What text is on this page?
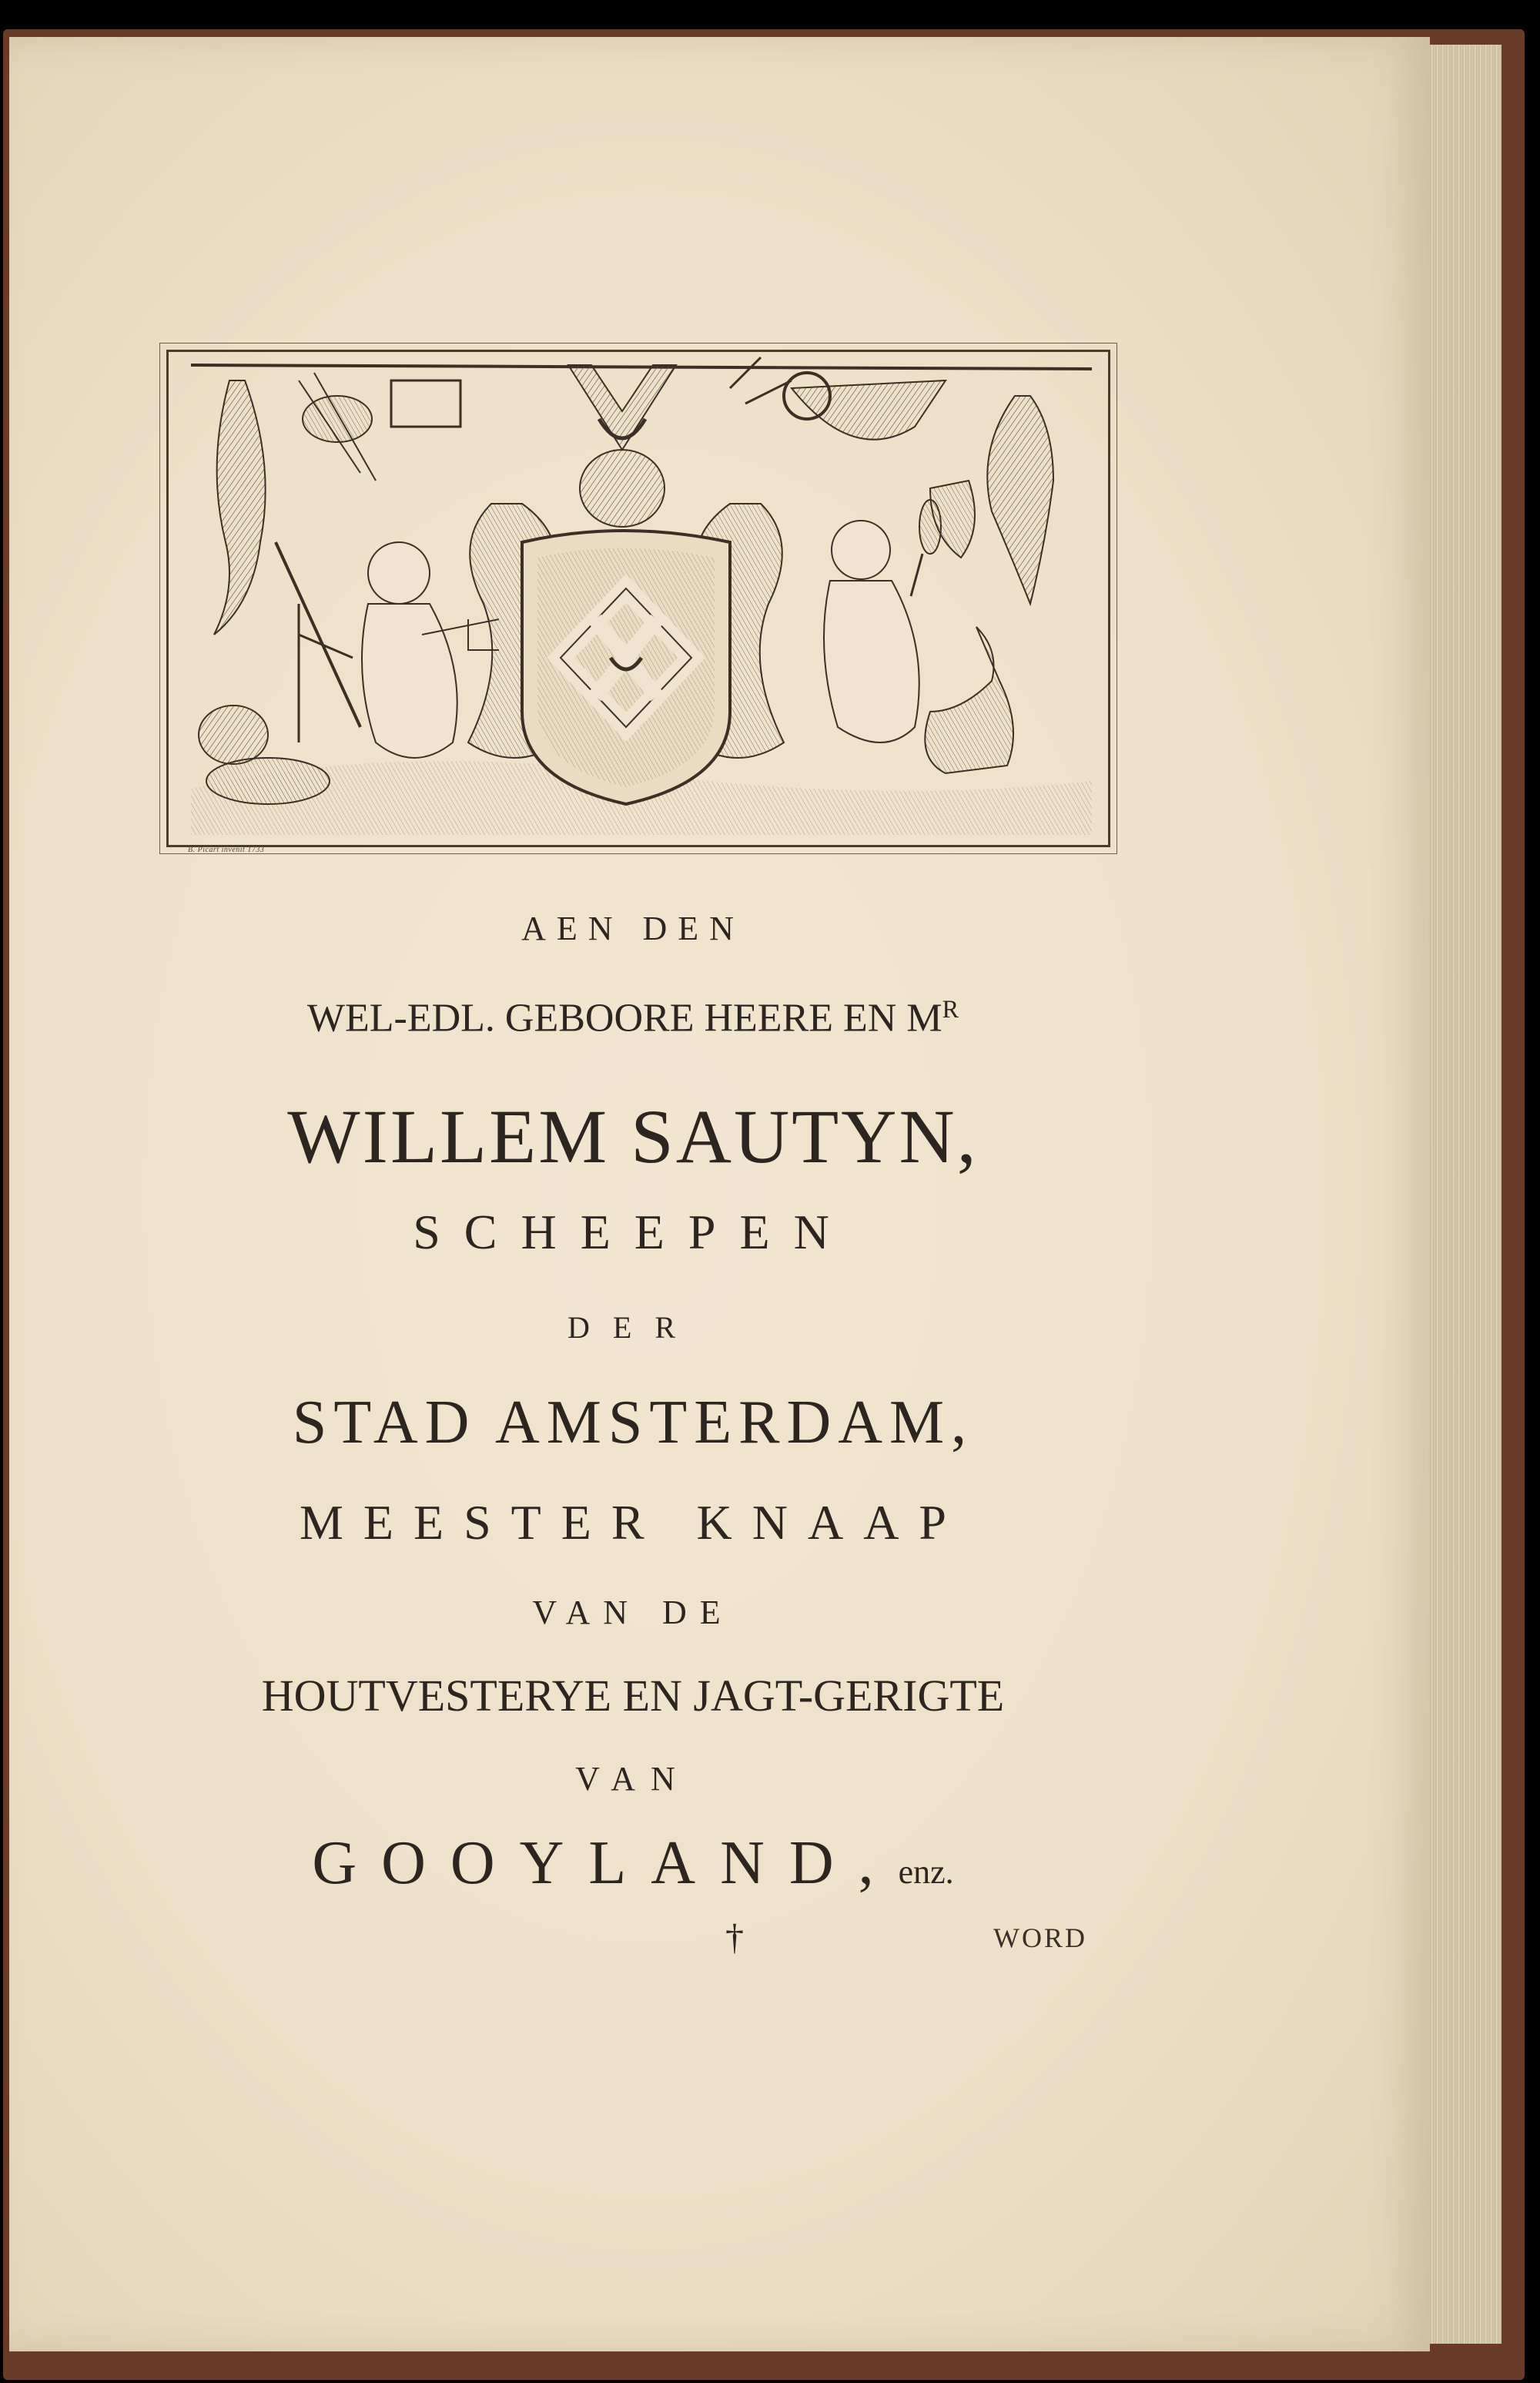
B. Picart invenit 1733
AEN DEN
WEL-EDL. GEBOORE HEERE EN $M^R$
WILLEM SAUTYN,
SCHEEPEN
DER
STAD AMSTERDAM,
MEESTER KNAAP
VAN DE
HOUTVESTERYE EN JAGT-GERIGTE
VAN
GOOYLAND,enz.
†	WORD
